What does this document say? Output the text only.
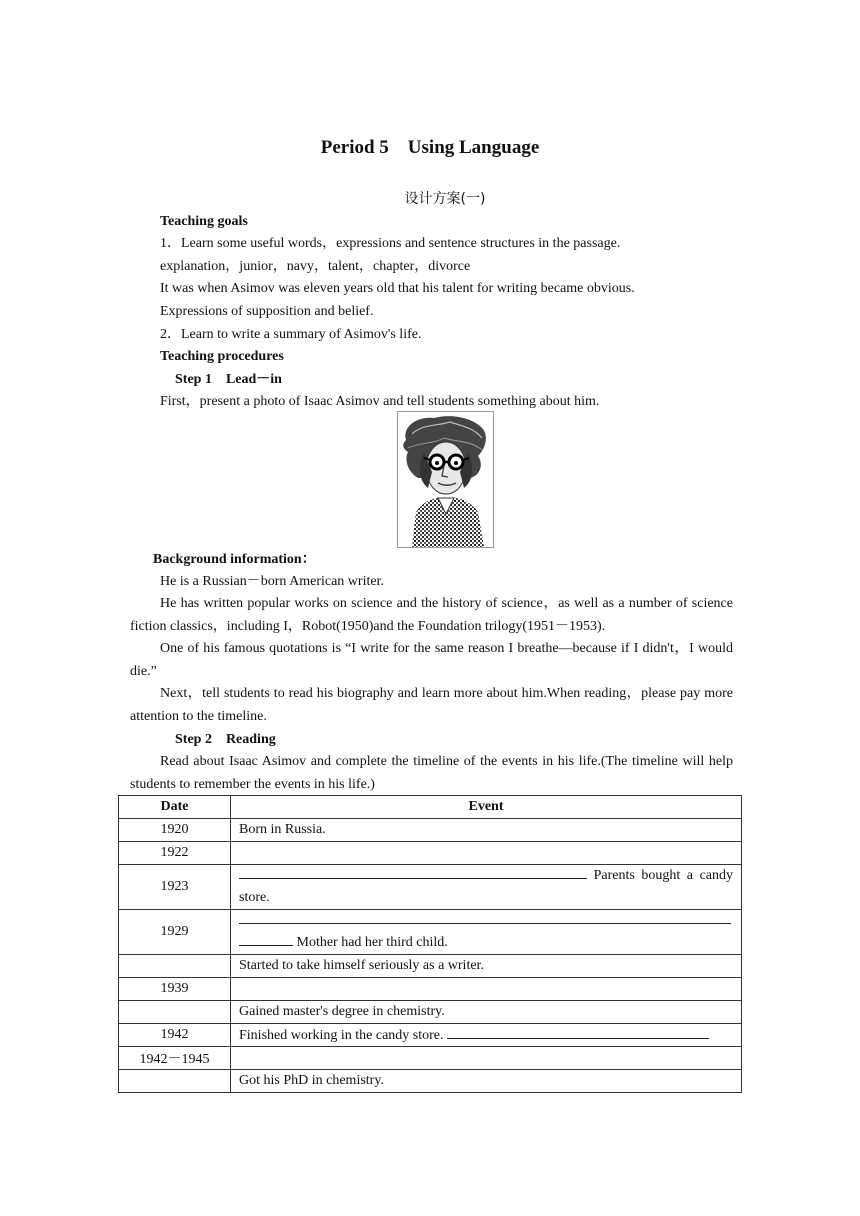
Period 5　Using Language
设计方案(一)
Teaching goals
1．Learn some useful words，expressions and sentence structures in the passage.
explanation，junior，navy，talent，chapter，divorce
It was when Asimov was eleven years old that his talent for writing became obvious.
Expressions of supposition and belief.
2．Learn to write a summary of Asimov's life.
Teaching procedures
Step 1　Lead－in
First，present a photo of Isaac Asimov and tell students something about him.
Background information：
He is a Russian－born American writer.
He has written popular works on science and the history of science，as well as a number of science fiction classics，including I，Robot(1950)and the Foundation trilogy(1951－1953).
One of his famous quotations is “I write for the same reason I breathe—because if I didn't，I would die.”
Next，tell students to read his biography and learn more about him.When reading，please pay more attention to the timeline.
Step 2　Reading
Read about Isaac Asimov and complete the timeline of the events in his life.(The timeline will help students to remember the events in his life.)
Date	Event
1920	Born in Russia.
1922	
1923	Parents bought a candy store.

1929	Mother had her third child.

	Started to take himself seriously as a writer.
1939	
	Gained master's degree in chemistry.
1942	Finished working in the candy store.
1942－1945	
	Got his PhD in chemistry.
